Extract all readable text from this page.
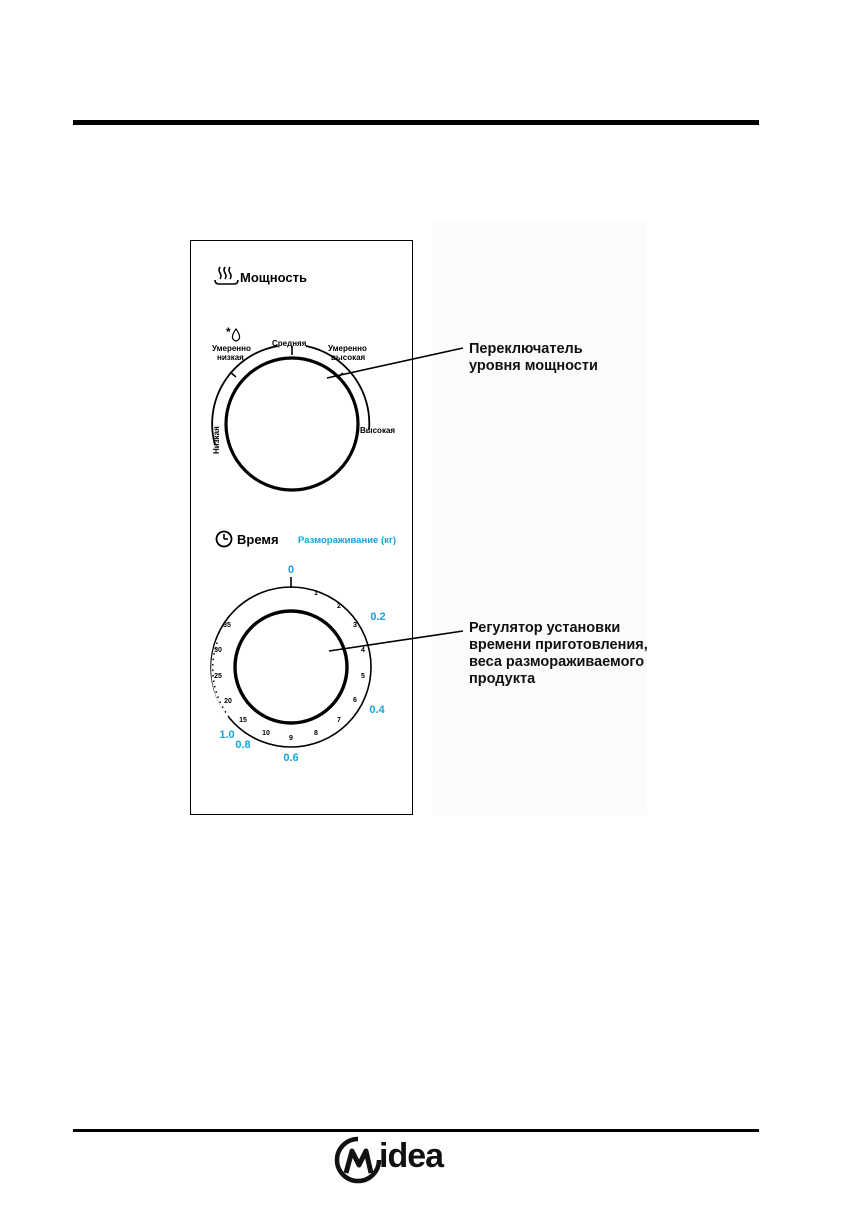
Мощность
Средняя
Умеренно
низкая
*
Умеренно
высокая
Высокая
Низкая
Время Размораживание (кг)
1
2
3
4
5
6
7
8
9
10
15
20
25
30
35
0
0.2
0.4
0.6
0.8
1.0
Переключатель
уровня мощности
Регулятор установки
времени приготовления,
веса размораживаемого
продукта
idea
